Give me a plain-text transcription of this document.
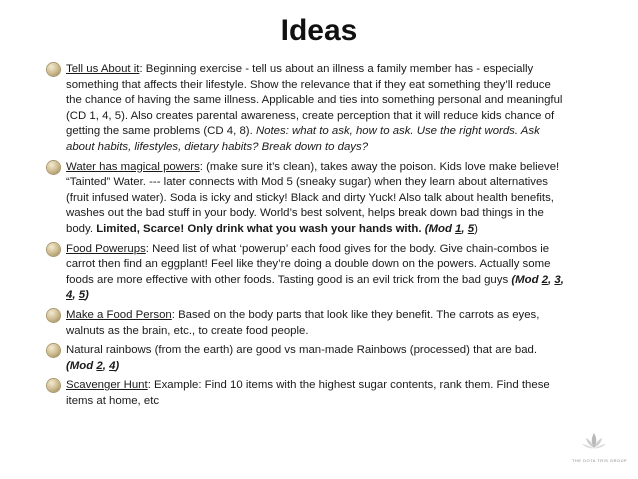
Ideas
Tell us About it: Beginning exercise - tell us about an illness a family member has - especially something that affects their lifestyle. Show the relevance that if they eat something they’ll reduce the chance of having the same illness. Applicable and ties into something personal and meaningful (CD 1, 4, 5). Also creates parental awareness, create perception that it will reduce kids chance of getting the same problems (CD 4, 8). Notes: what to ask, how to ask. Use the right words. Ask about habits, lifestyles, dietary habits? Break down to days?
Water has magical powers: (make sure it’s clean), takes away the poison. Kids love make believe! “Tainted” Water. --- later connects with Mod 5 (sneaky sugar) when they learn about alternatives (fruit infused water). Soda is icky and sticky! Black and dirty Yuck! Also talk about health benefits, washes out the bad stuff in your body. World’s best solvent, helps break down bad things in the body. Limited, Scarce! Only drink what you wash your hands with. (Mod 1, 5)
Food Powerups: Need list of what ‘powerup’ each food gives for the body. Give chain-combos ie carrot then find an eggplant! Feel like they’re doing a double down on the powers. Actually some foods are more effective with other foods. Tasting good is an evil trick from the bad guys (Mod 2, 3, 4, 5)
Make a Food Person: Based on the body parts that look like they benefit. The carrots as eyes, walnuts as the brain, etc., to create food people.
Natural rainbows (from the earth) are good vs man-made Rainbows (processed) that are bad. (Mod 2, 4)
Scavenger Hunt: Example: Find 10 items with the highest sugar contents, rank them. Find these items at home, etc
THE DOTA TRIS GROUP
